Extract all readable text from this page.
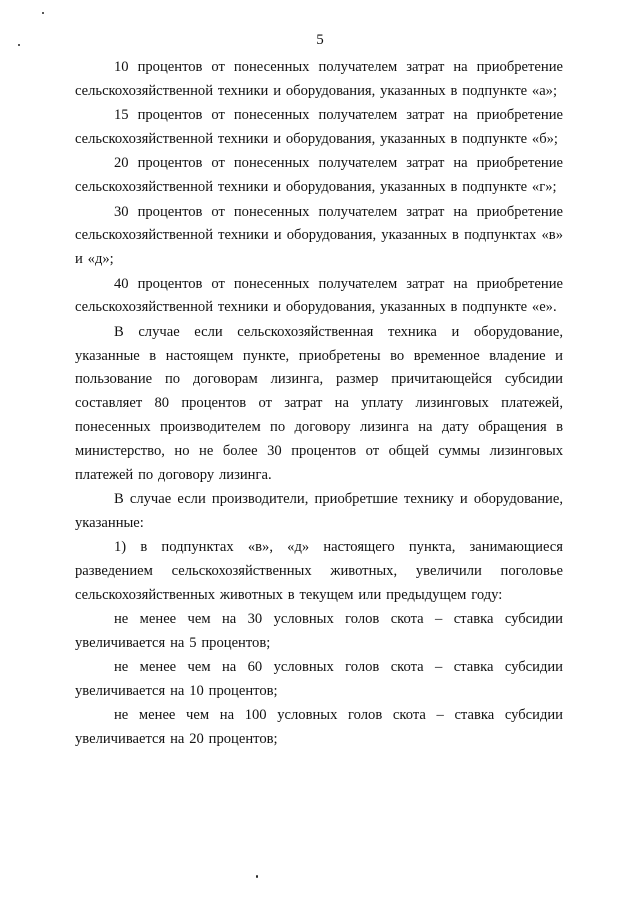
5

10 процентов от понесенных получателем затрат на приобретение сельскохозяйственной техники и оборудования, указанных в подпункте «а»;

15 процентов от понесенных получателем затрат на приобретение сельскохозяйственной техники и оборудования, указанных в подпункте «б»;

20 процентов от понесенных получателем затрат на приобретение сельскохозяйственной техники и оборудования, указанных в подпункте «г»;

30 процентов от понесенных получателем затрат на приобретение сельскохозяйственной техники и оборудования, указанных в подпунктах «в» и «д»;

40 процентов от понесенных получателем затрат на приобретение сельскохозяйственной техники и оборудования, указанных в подпункте «е».

В случае если сельскохозяйственная техника и оборудование, указанные в настоящем пункте, приобретены во временное владение и пользование по договорам лизинга, размер причитающейся субсидии составляет 80 процентов от затрат на уплату лизинговых платежей, понесенных производителем по договору лизинга на дату обращения в министерство, но не более 30 процентов от общей суммы лизинговых платежей по договору лизинга.

В случае если производители, приобретшие технику и оборудование, указанные:

1) в подпунктах «в», «д» настоящего пункта, занимающиеся разведением сельскохозяйственных животных, увеличили поголовье сельскохозяйственных животных в текущем или предыдущем году:

не менее чем на 30 условных голов скота – ставка субсидии увеличивается на 5 процентов;

не менее чем на 60 условных голов скота – ставка субсидии увеличивается на 10 процентов;

не менее чем на 100 условных голов скота – ставка субсидии увеличивается на 20 процентов;
